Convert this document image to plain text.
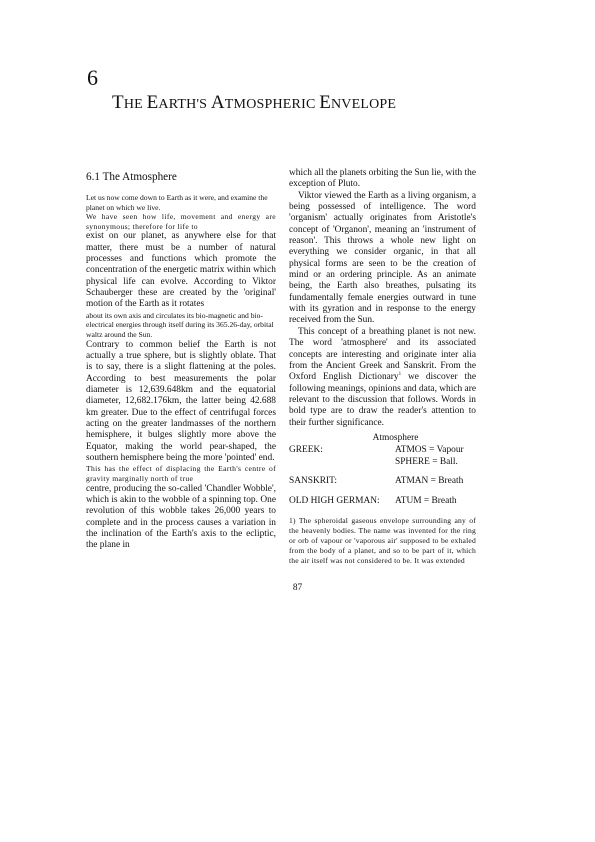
6
THE EARTH'S ATMOSPHERIC ENVELOPE
6.1 The Atmosphere

Let us now come down to Earth as it were, and examine the planet on which we live.

We have seen how life, movement and energy are synonymous; therefore for life to

exist on our planet, as anywhere else for that matter, there must be a number of natural processes and functions which promote the concentration of the energetic matrix within which physical life can evolve. According to Viktor Schauberger these are created by the 'original' motion of the Earth as it rotates

about its own axis and circulates its bio-magnetic and bio-electrical energies through itself during its 365.26-day, orbital waltz around the Sun.

Contrary to common belief the Earth is not actually a true sphere, but is slightly oblate. That is to say, there is a slight flattening at the poles. According to best measurements the polar diameter is 12,639.648km and the equatorial diameter, 12,682.176km, the latter being 42.688 km greater. Due to the effect of centrifugal forces acting on the greater landmasses of the northern hemisphere, it bulges slightly more above the Equator, making the world pear-shaped, the southern hemisphere being the more 'pointed' end.

This has the effect of displacing the Earth's centre of gravity marginally north of true

centre, producing the so-called 'Chandler Wobble', which is akin to the wobble of a spinning top. One revolution of this wobble takes 26,000 years to complete and in the process causes a variation in the inclination of the Earth's axis to the ecliptic, the plane in

which all the planets orbiting the Sun lie, with the exception of Pluto.

Viktor viewed the Earth as a living organism, a being possessed of intelligence. The word 'organism' actually originates from Aristotle's concept of 'Organon', meaning an 'instrument of reason'. This throws a whole new light on everything we consider organic, in that all physical forms are seen to be the creation of mind or an ordering principle. As an animate being, the Earth also breathes, pulsating its fundamentally female energies outward in tune with its gyration and in response to the energy received from the Sun.

This concept of a breathing planet is not new. The word 'atmosphere' and its associated concepts are interesting and originate inter alia from the Ancient Greek and Sanskrit. From the Oxford English Dictionary$^1$ we discover the following meanings, opinions and data, which are relevant to the discussion that follows. Words in bold type are to draw the reader's attention to their further significance.

Atmosphere
GREEK:	ATMOS = Vapour
SPHERE = Ball.
SANSKRIT:	ATMAN = Breath
OLD HIGH GERMAN:	ATUM = Breath

1) The spheroidal gaseous envelope surrounding any of the heavenly bodies. The name was invented for the ring or orb of vapour or 'vaporous air' supposed to be exhaled from the body of a planet, and so to be part of it, which the air itself was not considered to be. It was extended

87
